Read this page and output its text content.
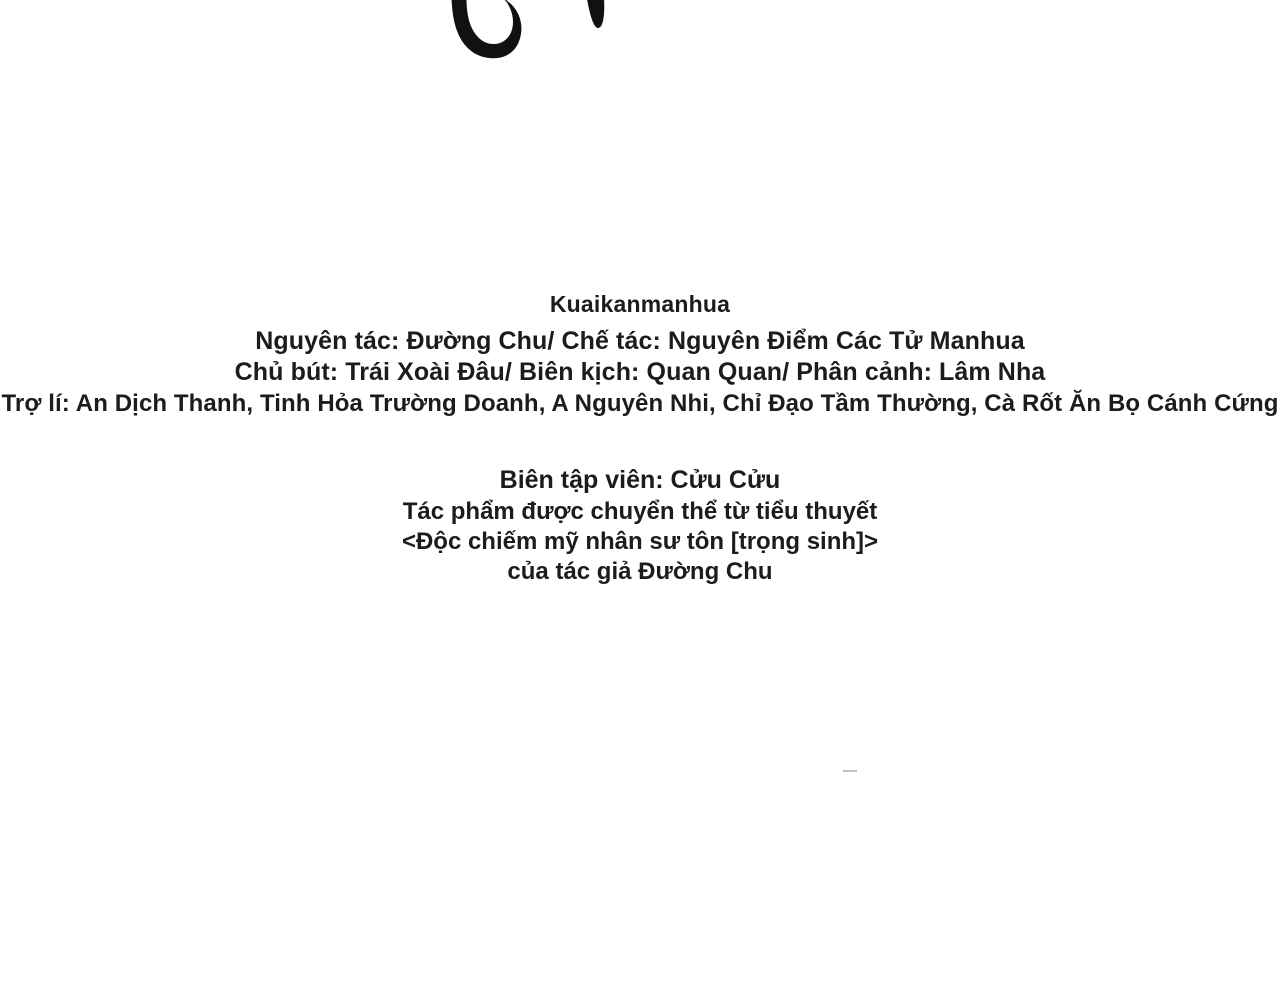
Kuaikanmanhua
Nguyên tác: Đường Chu/ Chế tác: Nguyên Điểm Các Tử Manhua
Chủ bút: Trái Xoài Đâu/ Biên kịch: Quan Quan/ Phân cảnh: Lâm Nha
Trợ lí: An Dịch Thanh, Tinh Hỏa Trường Doanh, A Nguyên Nhi, Chỉ Đạo Tầm Thường, Cà Rốt Ăn Bọ Cánh Cứng
Biên tập viên: Cửu Cửu
Tác phẩm được chuyển thể từ tiểu thuyết
<Độc chiếm mỹ nhân sư tôn [trọng sinh]>
của tác giả Đường Chu
